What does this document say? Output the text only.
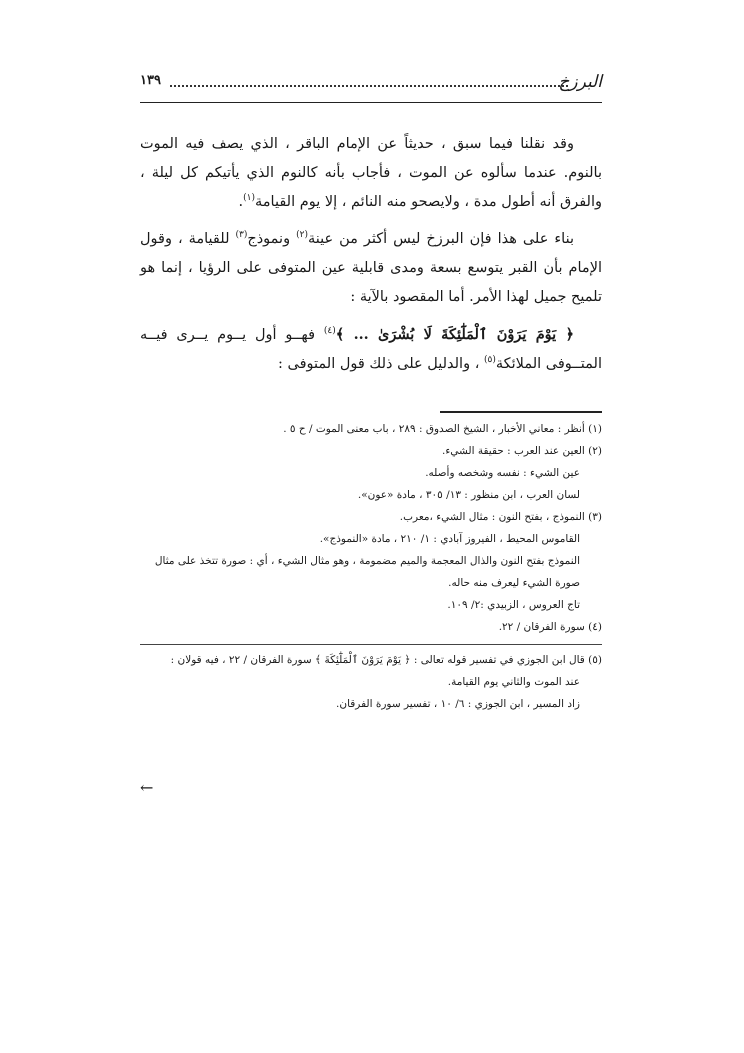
البرزخ
١٣٩

وقد نقلنا فيما سبق ، حديثاً عن الإمام الباقر ، الذي يصف فيه الموت بالنوم. عندما سألوه عن الموت ، فأجاب بأنه كالنوم الذي يأتيكم كل ليلة ، والفرق أنه أطول مدة ، ولايصحو منه النائم ، إلا يوم القيامة$^{(١)}$.

بناء على هذا فإن البرزخ ليس أكثر من عينة$^{(٢)}$ ونموذج$^{(٣)}$ للقيامة ، وقول الإمام بأن القبر يتوسع بسعة ومدى قابلية عين المتوفى على الرؤيا ، إنما هو تلميح جميل لهذا الأمر. أما المقصود بالآية :

﴿ يَوْمَ يَرَوْنَ ٱلْمَلَٰٓئِكَةَ لَا بُشْرَىٰ ... ﴾$^{(٤)}$ فهــو أول يــوم يــرى فيــه المتــوفى الملائكة$^{(٥)}$ ، والدليل على ذلك قول المتوفى :

(١) أنظر : معاني الأخبار ، الشيخ الصدوق : ٢٨٩ ، باب معنى الموت / ح ٥ .
(٢) العين عند العرب : حقيقة الشيء.
عين الشيء : نفسه وشخصه وأصله.
لسان العرب ، ابن منظور : ١٣/ ٣٠٥ ، مادة «عون».
(٣) النموذج ، بفتح النون : مثال الشيء ،معرب.
القاموس المحيط ، الفيروز آبادي : ١/ ٢١٠ ، مادة «النموذج».
النموذج بفتح النون والذال المعجمة والميم مضمومة ، وهو مثال الشيء ، أي : صورة تتخذ على مثال صورة الشيء ليعرف منه حاله.
تاج العروس ، الزبيدي :٢/ ١٠٩.
(٤) سورة الفرقان / ٢٢.
(٥) قال ابن الجوزي في تفسير قوله تعالى : ﴿ يَوْمَ يَرَوْنَ ٱلْمَلَٰٓئِكَةَ ﴾ سورة الفرقان / ٢٢ ، فيه قولان :
عند الموت والثاني يوم القيامة.
زاد المسير ، ابن الجوزي : ٦/ ١٠ ، تفسير سورة الفرقان.
←
